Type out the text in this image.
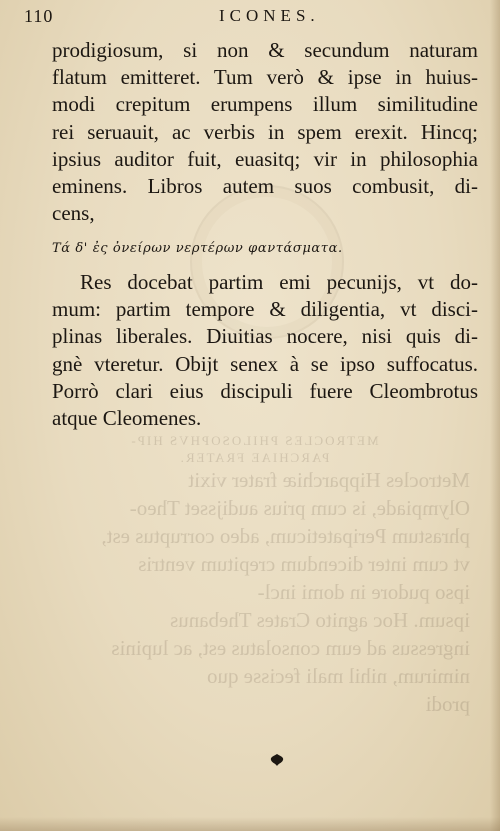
METROCLES PHILOSOPHVS HIP-
PARCHIAE FRATER.
Metrocles Hipparchiæ frater vixit
Olympiade, is cum prius audijsset Theo-
phrastum Peripateticum, adeo corruptus est,
vt cum inter dicendum crepitum ventris
ipso pudore in domi incl-
ipsum. Hoc agnito Crates Thebanus
ingressus ad eum consolatus est, ac lupinis
nimirum, nihil mali fecisse quo
prodi
110	ICONES.
prodigiosum, si non & secundum naturam
flatum emitteret. Tum verò & ipse in huius-
modi crepitum erumpens illum similitudine
rei seruauit, ac verbis in spem erexit. Hincq;
ipsius auditor fuit, euasitq; vir in philosophia
eminens. Libros autem suos combusit, di-
cens,
Τά δ' ἐς ὀνείρων νερτέρων φαντάσματα.
Res docebat partim emi pecunijs, vt do-
mum: partim tempore & diligentia, vt disci-
plinas liberales. Diuitias nocere, nisi quis di-
gnè vteretur. Obijt senex à se ipso suffocatus.
Porrò clari eius discipuli fuere Cleombrotus
atque Cleomenes.
